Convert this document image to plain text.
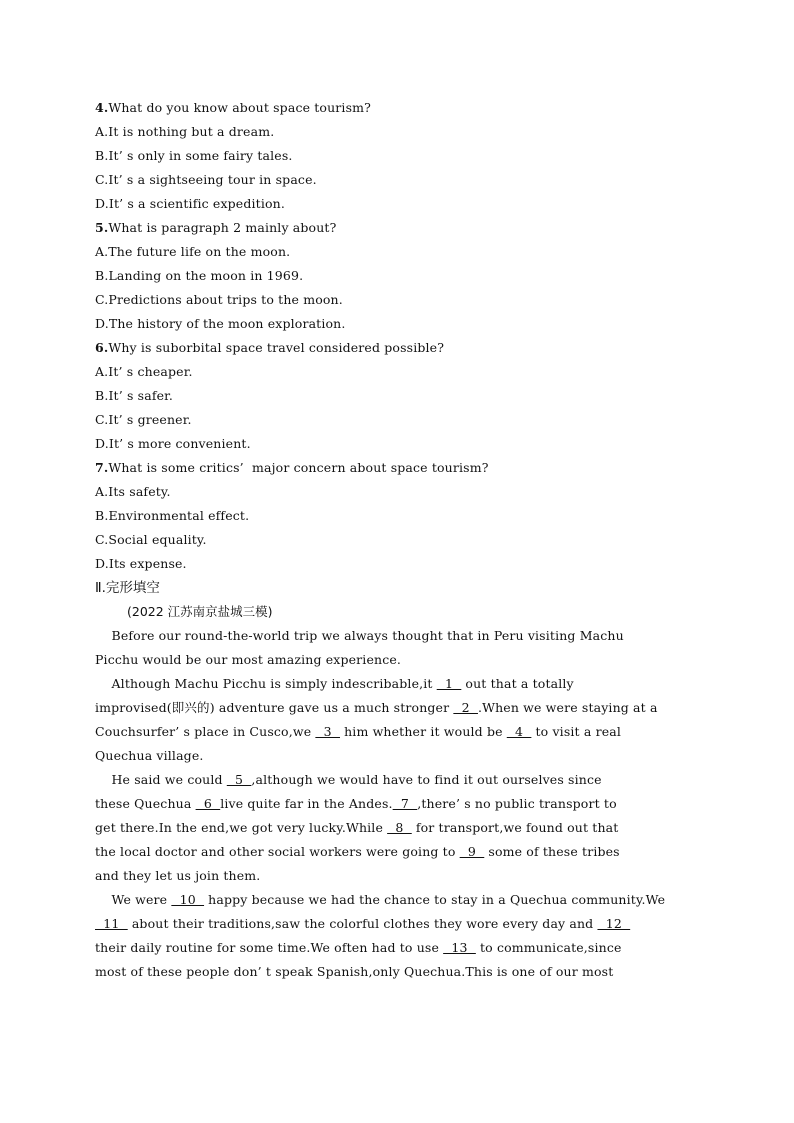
4.What do you know about space tourism?
A.It is nothing but a dream.
B.It’ s only in some fairy tales.
C.It’ s a sightseeing tour in space.
D.It’ s a scientific expedition.
5.What is paragraph 2 mainly about?
A.The future life on the moon.
B.Landing on the moon in 1969.
C.Predictions about trips to the moon.
D.The history of the moon exploration.
6.Why is suborbital space travel considered possible?
A.It’ s cheaper.
B.It’ s safer.
C.It’ s greener.
D.It’ s more convenient.
7.What is some critics’  major concern about space tourism?
A.Its safety.
B.Environmental effect.
C.Social equality.
D.Its expense.
Ⅱ.完形填空
(2022 江苏南京盐城三模)
Before our round-the-world trip we always thought that in Peru visiting Machu
Picchu would be our most amazing experience.
Although Machu Picchu is simply indescribable,it   1   out that a totally
improvised(即兴的) adventure gave us a much stronger   2  .When we were staying at a
Couchsurfer’ s place in Cusco,we   3   him whether it would be   4   to visit a real
Quechua village.
He said we could   5  ,although we would have to find it out ourselves since
these Quechua   6  live quite far in the Andes.  7  ,there’ s no public transport to
get there.In the end,we got very lucky.While   8   for transport,we found out that
the local doctor and other social workers were going to   9   some of these tribes
and they let us join them.
We were   10   happy because we had the chance to stay in a Quechua community.We
11   about their traditions,saw the colorful clothes they wore every day and   12
their daily routine for some time.We often had to use   13   to communicate,since
most of these people don’ t speak Spanish,only Quechua.This is one of our most
